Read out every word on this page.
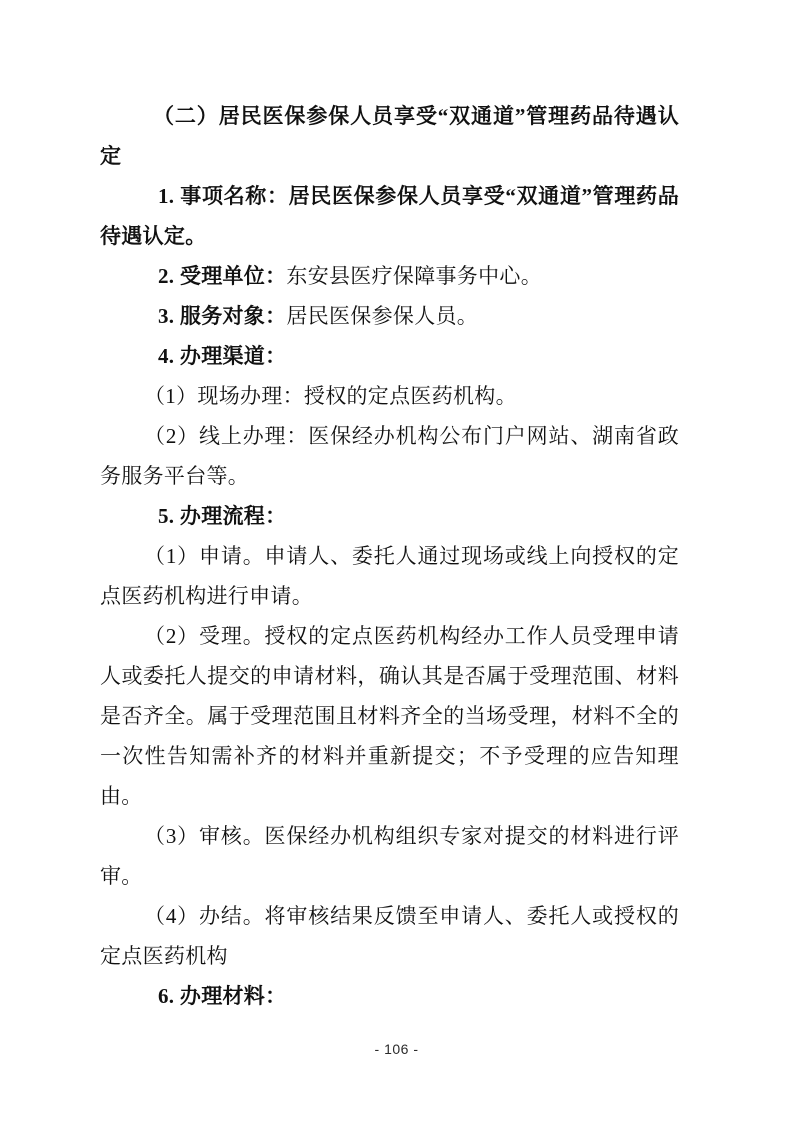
（二）居民医保参保人员享受“双通道”管理药品待遇认定

1. 事项名称：居民医保参保人员享受“双通道”管理药品待遇认定。

2. 受理单位：东安县医疗保障事务中心。

3. 服务对象：居民医保参保人员。

4. 办理渠道：

（1）现场办理：授权的定点医药机构。

（2）线上办理：医保经办机构公布门户网站、湖南省政务服务平台等。

5. 办理流程：

（1）申请。申请人、委托人通过现场或线上向授权的定点医药机构进行申请。

（2）受理。授权的定点医药机构经办工作人员受理申请人或委托人提交的申请材料，确认其是否属于受理范围、材料是否齐全。属于受理范围且材料齐全的当场受理，材料不全的一次性告知需补齐的材料并重新提交；不予受理的应告知理由。

（3）审核。医保经办机构组织专家对提交的材料进行评审。

（4）办结。将审核结果反馈至申请人、委托人或授权的定点医药机构

6. 办理材料：

- 106 -
